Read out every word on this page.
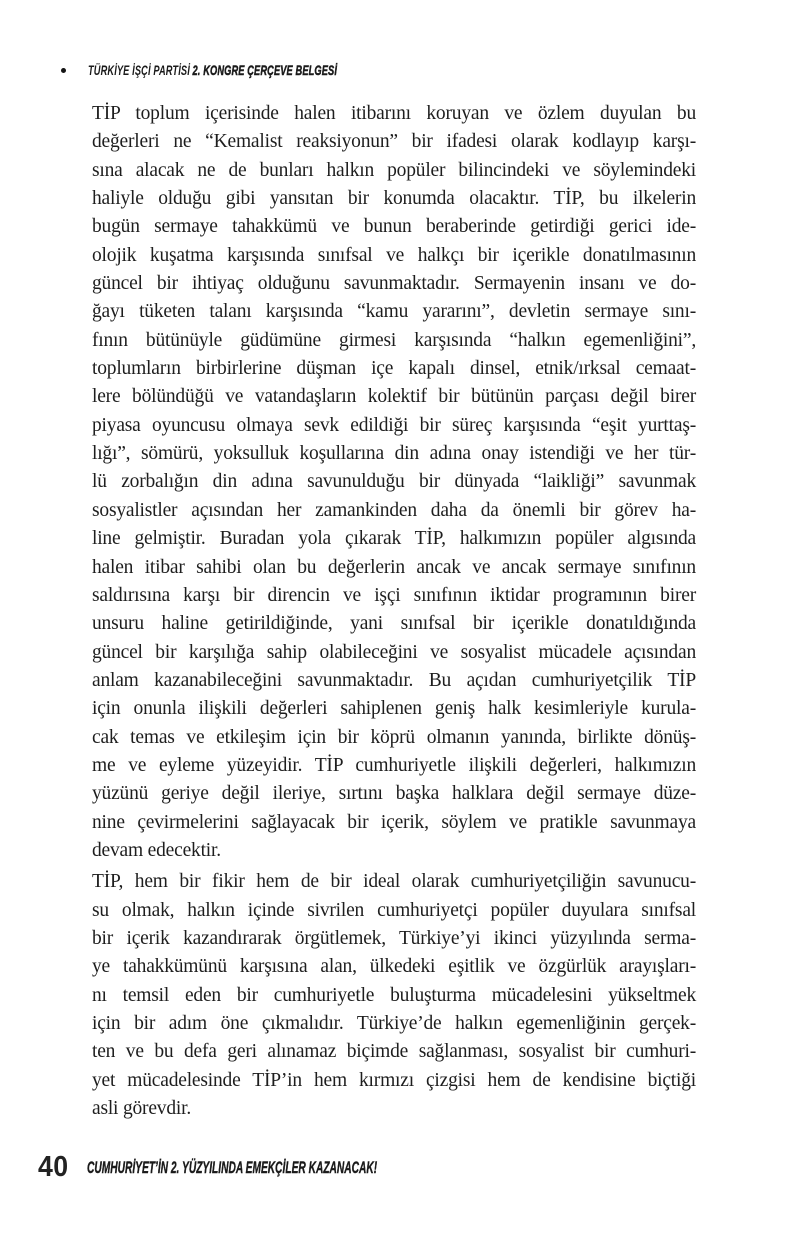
TÜRKİYE İŞÇİ PARTİSİ 2. KONGRE ÇERÇEVE BELGESİ
TİP toplum içerisinde halen itibarını koruyan ve özlem duyulan bu
değerleri ne “Kemalist reaksiyonun” bir ifadesi olarak kodlayıp karşı-
sına alacak ne de bunları halkın popüler bilincindeki ve söylemindeki
haliyle olduğu gibi yansıtan bir konumda olacaktır. TİP, bu ilkelerin
bugün sermaye tahakkümü ve bunun beraberinde getirdiği gerici ide-
olojik kuşatma karşısında sınıfsal ve halkçı bir içerikle donatılmasının
güncel bir ihtiyaç olduğunu savunmaktadır. Sermayenin insanı ve do-
ğayı tüketen talanı karşısında “kamu yararını”, devletin sermaye sını-
fının bütünüyle güdümüne girmesi karşısında “halkın egemenliğini”,
toplumların birbirlerine düşman içe kapalı dinsel, etnik/ırksal cemaat-
lere bölündüğü ve vatandaşların kolektif bir bütünün parçası değil birer
piyasa oyuncusu olmaya sevk edildiği bir süreç karşısında “eşit yurttaş-
lığı”, sömürü, yoksulluk koşullarına din adına onay istendiği ve her tür-
lü zorbalığın din adına savunulduğu bir dünyada “laikliği” savunmak
sosyalistler açısından her zamankinden daha da önemli bir görev ha-
line gelmiştir. Buradan yola çıkarak TİP, halkımızın popüler algısında
halen itibar sahibi olan bu değerlerin ancak ve ancak sermaye sınıfının
saldırısına karşı bir direncin ve işçi sınıfının iktidar programının birer
unsuru haline getirildiğinde, yani sınıfsal bir içerikle donatıldığında
güncel bir karşılığa sahip olabileceğini ve sosyalist mücadele açısından
anlam kazanabileceğini savunmaktadır. Bu açıdan cumhuriyetçilik TİP
için onunla ilişkili değerleri sahiplenen geniş halk kesimleriyle kurula-
cak temas ve etkileşim için bir köprü olmanın yanında, birlikte dönüş-
me ve eyleme yüzeyidir. TİP cumhuriyetle ilişkili değerleri, halkımızın
yüzünü geriye değil ileriye, sırtını başka halklara değil sermaye düze-
nine çevirmelerini sağlayacak bir içerik, söylem ve pratikle savunmaya
devam edecektir.
TİP, hem bir fikir hem de bir ideal olarak cumhuriyetçiliğin savunucu-
su olmak, halkın içinde sivrilen cumhuriyetçi popüler duyulara sınıfsal
bir içerik kazandırarak örgütlemek, Türkiye’yi ikinci yüzyılında serma-
ye tahakkümünü karşısına alan, ülkedeki eşitlik ve özgürlük arayışları-
nı temsil eden bir cumhuriyetle buluşturma mücadelesini yükseltmek
için bir adım öne çıkmalıdır. Türkiye’de halkın egemenliğinin gerçek-
ten ve bu defa geri alınamaz biçimde sağlanması, sosyalist bir cumhuri-
yet mücadelesinde TİP’in hem kırmızı çizgisi hem de kendisine biçtiği
asli görevdir.
40 CUMHURİYET’İN 2. YÜZYILINDA EMEKÇİLER KAZANACAK!
